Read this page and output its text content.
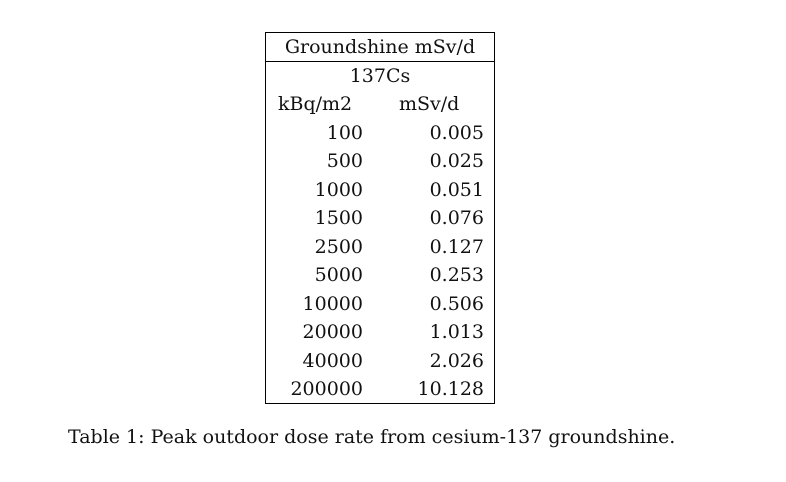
Groundshine mSv/d
137Cs
kBq/m2	mSv/d
100	0.005
500	0.025
1000	0.051
1500	0.076
2500	0.127
5000	0.253
10000	0.506
20000	1.013
40000	2.026
200000	10.128
Table 1: Peak outdoor dose rate from cesium-137 groundshine.
